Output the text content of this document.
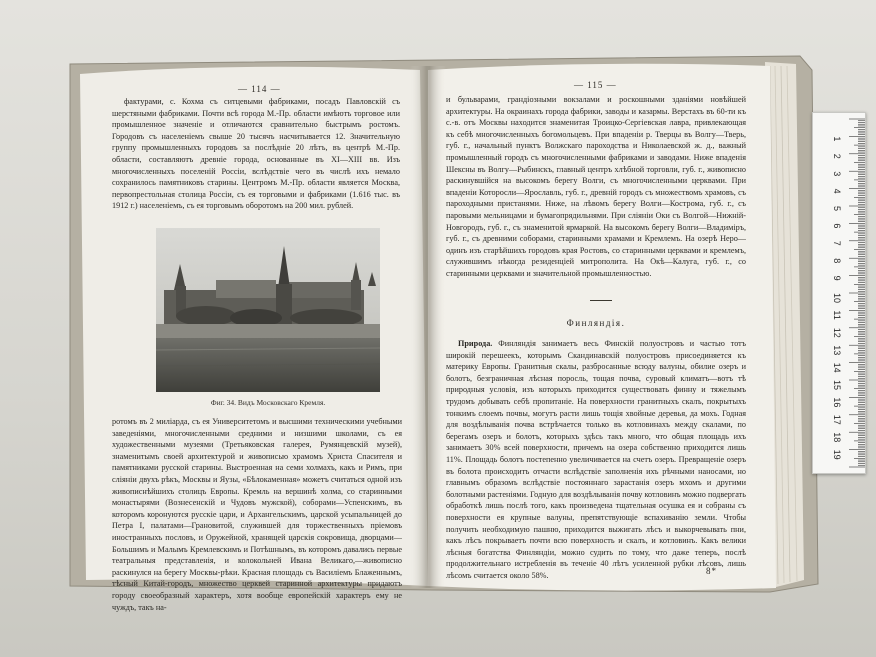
— 114 —

фактурами, с. Кохма съ ситцевыми фабриками, посадъ Павловскій съ шерстяными фабриками. Почти всѣ города М.-Пр. области имѣютъ торговое или промышленное значеніе и отличаются сравнительно быстрымъ ростомъ. Городовъ съ населеніемъ свыше 20 тысячъ насчитывается 12. Значительную группу промышленныхъ городовъ за послѣдніе 20 лѣтъ, въ центрѣ М.-Пр. области, составляютъ древніе города, основанные въ XI—XIII вв. Изъ многочисленныхъ поселеній Россіи, вслѣдствіе чего въ числѣ ихъ немало сохранилось памятниковъ старины. Центромъ М.-Пр. области является Москва, первопрестольная столица Россіи, съ ея торговыми и фабриками (1.616 тыс. въ 1912 г.) населеніемъ, съ ея торговымъ оборотомъ на 200 мил. рублей.

Фиг. 34. Видъ Московскаго Кремля.

ротомъ въ 2 миліарда, съ ея Университетомъ и высшими техническими учебными заведеніями, многочисленными средними и низшими школами, съ ея художественными музеями (Третьяковская галерея, Румянцевскій музей), знаменитымъ своей архитектурой и живописью храмомъ Христа Спасителя и памятниками русской старины. Выстроенная на семи холмахъ, какъ и Римъ, при сліяніи двухъ рѣкъ, Москвы и Яузы, «Бѣлокаменная» можетъ считаться одной изъ живописнѣйшихъ столицъ Европы. Кремль на вершинѣ холма, со старинными монастырями (Вознесенскій и Чудовъ мужской), соборами—Успенскимъ, въ которомъ коронуются русскіе цари, и Архангельскимъ, царской усыпальницей до Петра I, палатами—Грановитой, служившей для торжественныхъ пріемовъ иностранныхъ пословъ, и Оружейной, хранящей царскія сокровища, дворцами—Большимъ и Малымъ Кремлевскимъ и Потѣшнымъ, въ которомъ давались первые театральныя представленія, и колокольней Ивана Великаго,—живописно раскинулся на берегу Москвы-рѣки. Красная площадь съ Василіемъ Блаженнымъ, тѣсный Китай-городъ, множество церквей старинной архитектуры придаютъ городу своеобразный характеръ, хотя вообще европейскій характеръ ему не чуждъ, такъ на-

— 115 —

и бульварами, грандіозными вокзалами и роскошными зданіями новѣйшей архитектуры. На окраинахъ города фабрики, заводы и казармы. Верстахъ въ 60-ти къ с.-в. отъ Москвы находится знаменитая Троицко-Сергіевская лавра, привлекающая къ себѣ многочисленныхъ богомольцевъ. При впаденіи р. Тверцы въ Волгу—Тверь, губ. г., начальный пунктъ Волжскаго пароходства и Николаевской ж. д., важный промышленный городъ съ многочисленными фабриками и заводами. Ниже впаденія Шексны въ Волгу—Рыбинскъ, главный центръ хлѣбной торговли, губ. г., живописно раскинувшійся на высокомъ берегу Волги, съ многочисленными церквами. При впаденіи Которосли—Ярославль, губ. г., древній городъ съ множествомъ храмовъ, съ пароходными пристанями. Ниже, на лѣвомъ берегу Волги—Кострома, губ. г., съ паровыми мельницами и бумагопрядильнями. При сліяніи Оки съ Волгой—Нижній-Новгородъ, губ. г., съ знаменитой ярмаркой. На высокомъ берегу Волги—Владиміръ, губ. г., съ древними соборами, старинными храмами и Кремлемъ. На озерѣ Неро—одинъ изъ старѣйшихъ городовъ края Ростовъ, со старинными церквами и кремлемъ, служившимъ нѣкогда резиденціей митрополита. На Окѣ—Калуга, губ. г., со старинными церквами и значительной промышленностью.

Финляндія.

Природа. Финляндія занимаетъ весь Финскій полуостровъ и частью тотъ широкій перешеекъ, которымъ Скандинавскій полуостровъ присоединяется къ материку Европы. Гранитныя скалы, разбросанные всюду валуны, обилие озеръ и болотъ, безграничная лѣсная поросль, тощая почва, суровый климатъ—вотъ тѣ природныя условія, изъ которыхъ приходится существовать финну и тяжелымъ трудомъ добывать себѣ пропитаніе. На поверхности гранитныхъ скалъ, покрытыхъ тонкимъ слоемъ почвы, могутъ расти лишь тощія хвойные деревья, да мохъ. Годная для воздѣлыванія почва встрѣчается только въ котловинахъ между скалами, по берегамъ озеръ и болотъ, которыхъ здѣсь такъ много, что общая площадь ихъ занимаетъ 30% всей поверхности, причемъ на озера собственно приходится лишь 11%. Площадь болотъ постепенно увеличивается на счетъ озеръ. Превращеніе озеръ въ болота происходитъ отчасти вслѣдствіе заполненія ихъ рѣчными наносами, но главнымъ образомъ вслѣдствіе постояннаго зарастанія озеръ мхомъ и другими болотными растеніями. Годную для воздѣлыванія почву котловинъ можно подвергать обработкѣ лишь послѣ того, какъ произведена тщательная осушка ея и собраны съ поверхности ея крупные валуны, препятствующіе вспахиванію земли. Чтобы получить необходимую пашню, приходится выжигать лѣсъ и выкорчевывать пни, какъ лѣсъ покрываетъ почти всю поверхность и скалъ, и котловинъ. Какъ велики лѣсныя богатства Финляндіи, можно судить по тому, что даже теперь, послѣ продолжительнаго истребленія въ теченіе 40 лѣтъ усиленной рубки лѣсовъ, лишь лѣсомъ считается около 58%.	8*
1
2
3
4
5
6
7
8
9
10
11
12
13
14
15
16
17
18
19
